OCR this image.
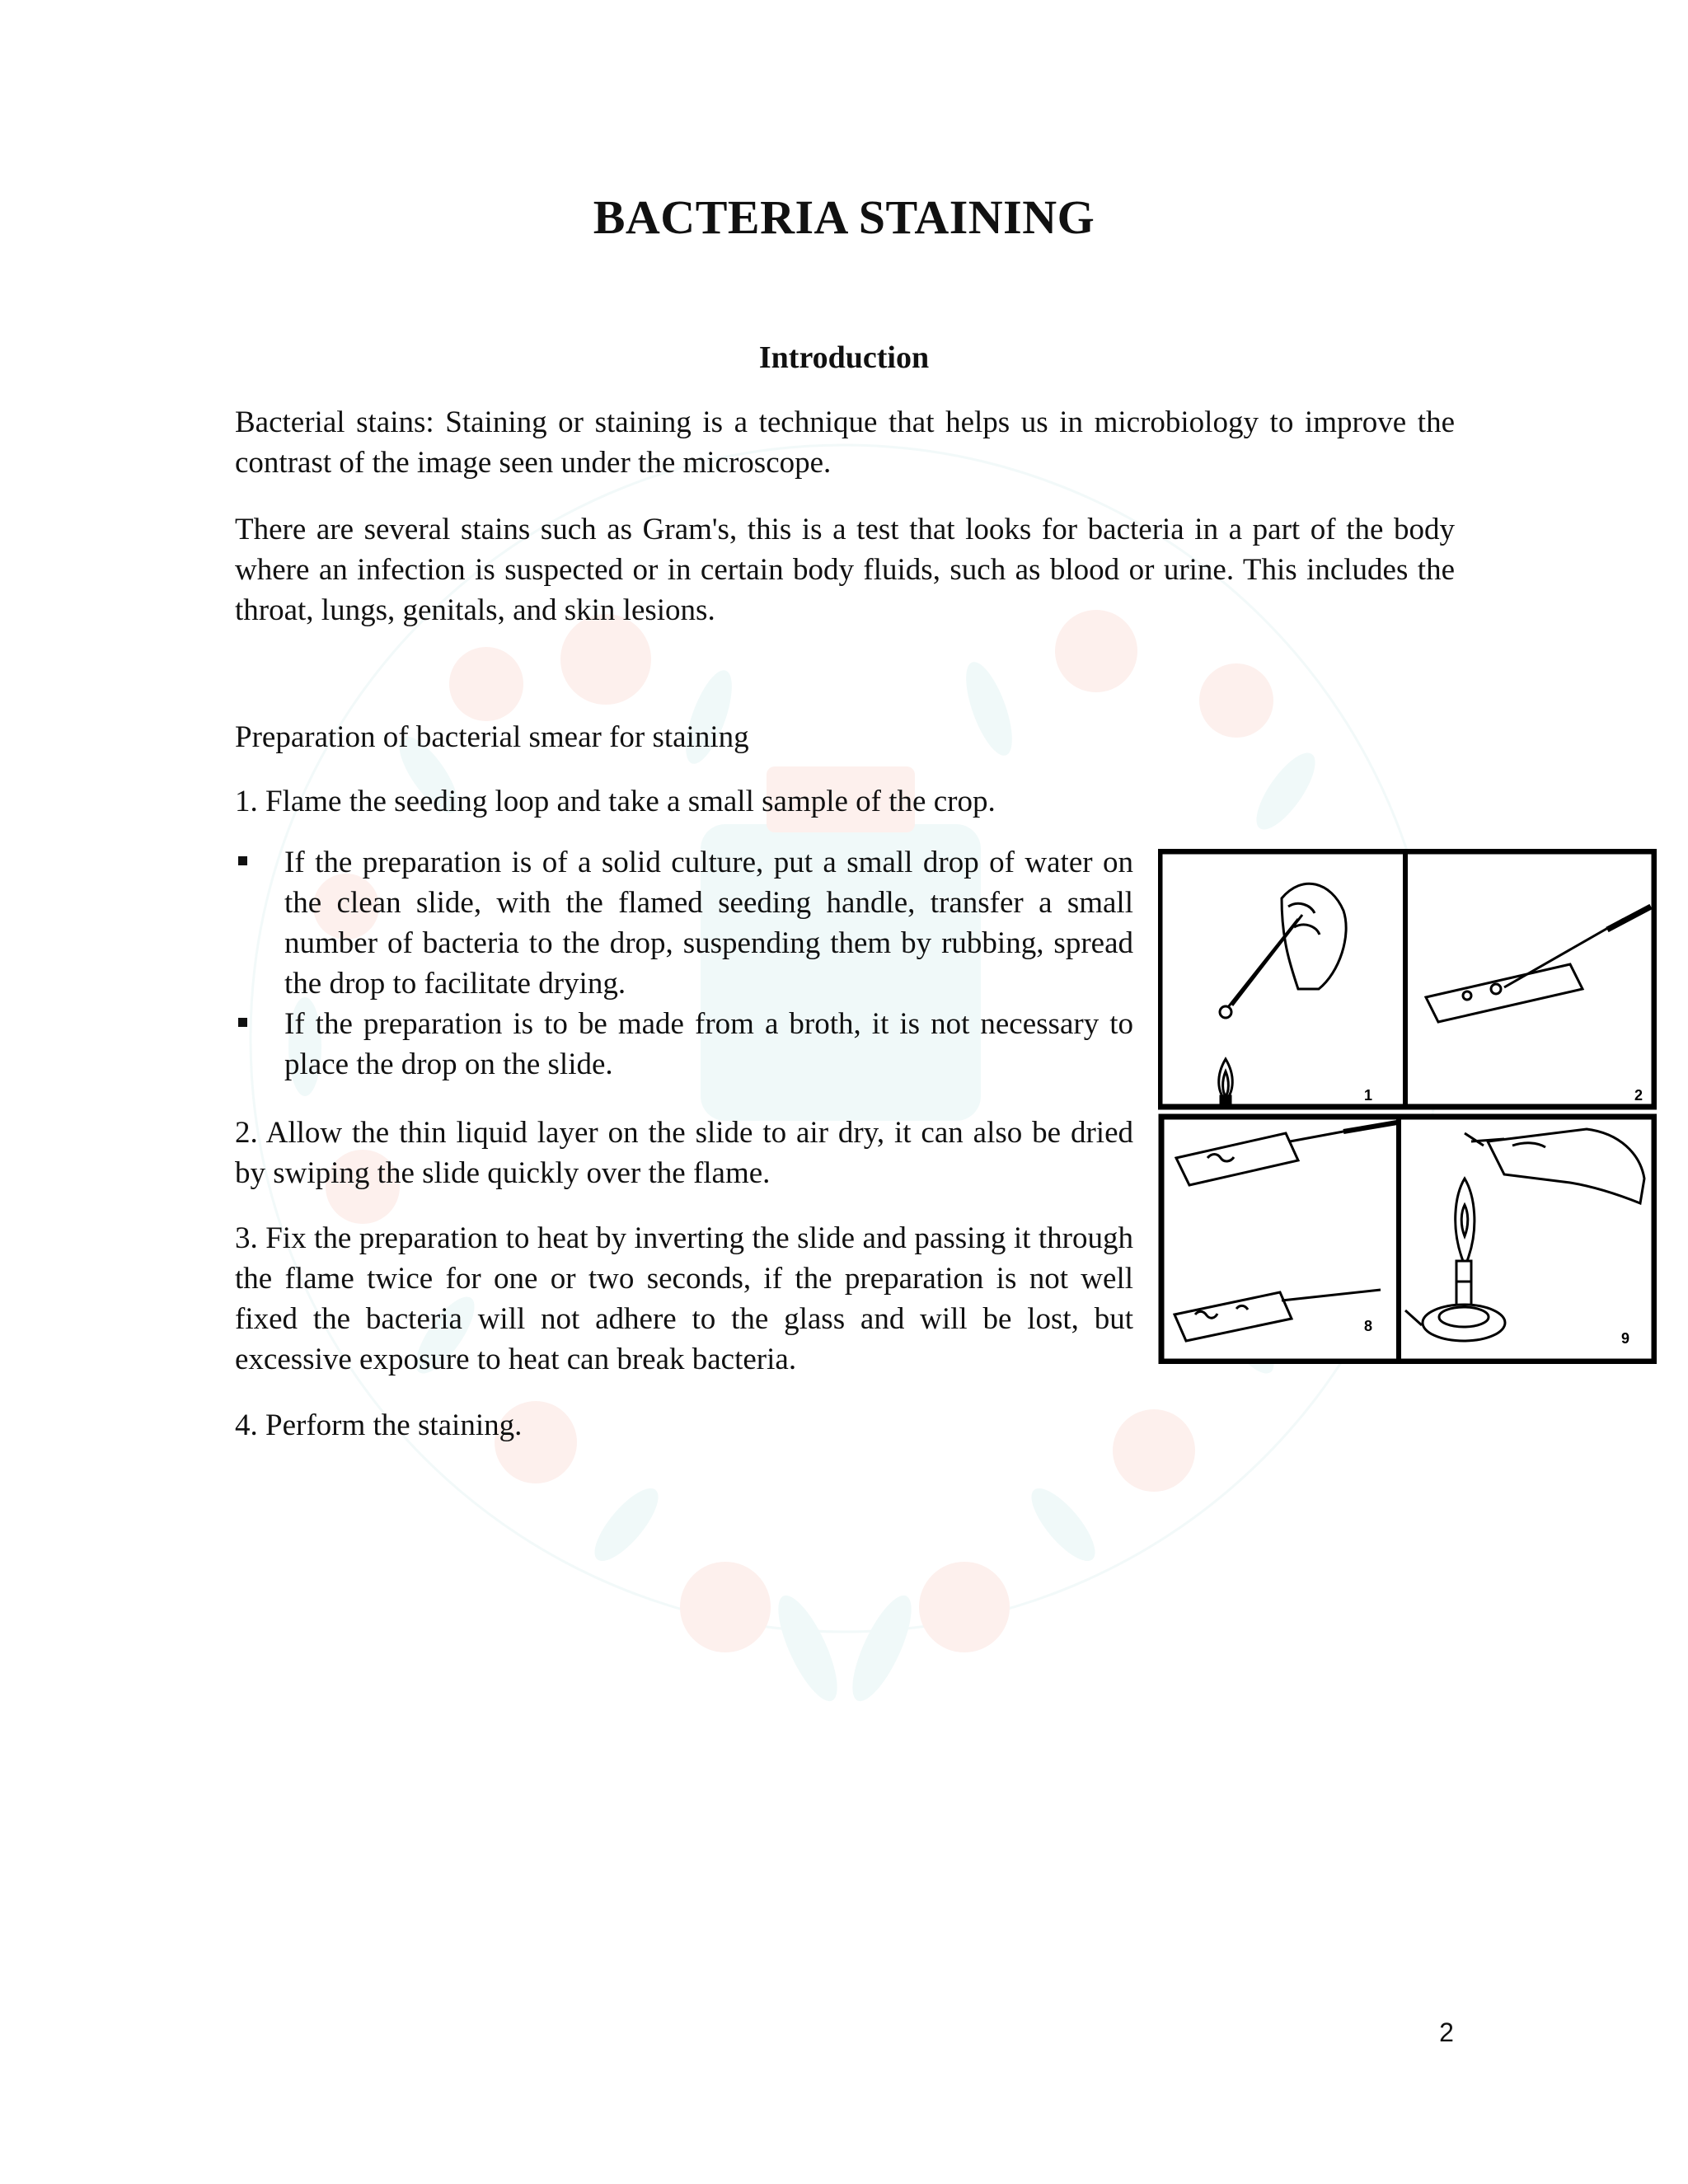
BACTERIA STAINING
Introduction

Bacterial stains: Staining or staining is a technique that helps us in microbiology to improve the contrast of the image seen under the microscope.

There are several stains such as Gram's, this is a test that looks for bacteria in a part of the body where an infection is suspected or in certain body fluids, such as blood or urine. This includes the throat, lungs, genitals, and skin lesions.

Preparation of bacterial smear for staining

1. Flame the seeding loop and take a small sample of the crop.

If the preparation is of a solid culture, put a small drop of water on the clean slide, with the flamed seeding handle, transfer a small number of bacteria to the drop, suspending them by rubbing, spread the drop to facilitate drying.
If the preparation is to be made from a broth, it is not necessary to place the drop on the slide.

2. Allow the thin liquid layer on the slide to air dry, it can also be dried by swiping the slide quickly over the flame.

3. Fix the preparation to heat by inverting the slide and passing it through the flame twice for one or two seconds, if the preparation is not well fixed the bacteria will not adhere to the glass and will be lost, but excessive exposure to heat can break bacteria.

4. Perform the staining.

1	2
8
9
2
